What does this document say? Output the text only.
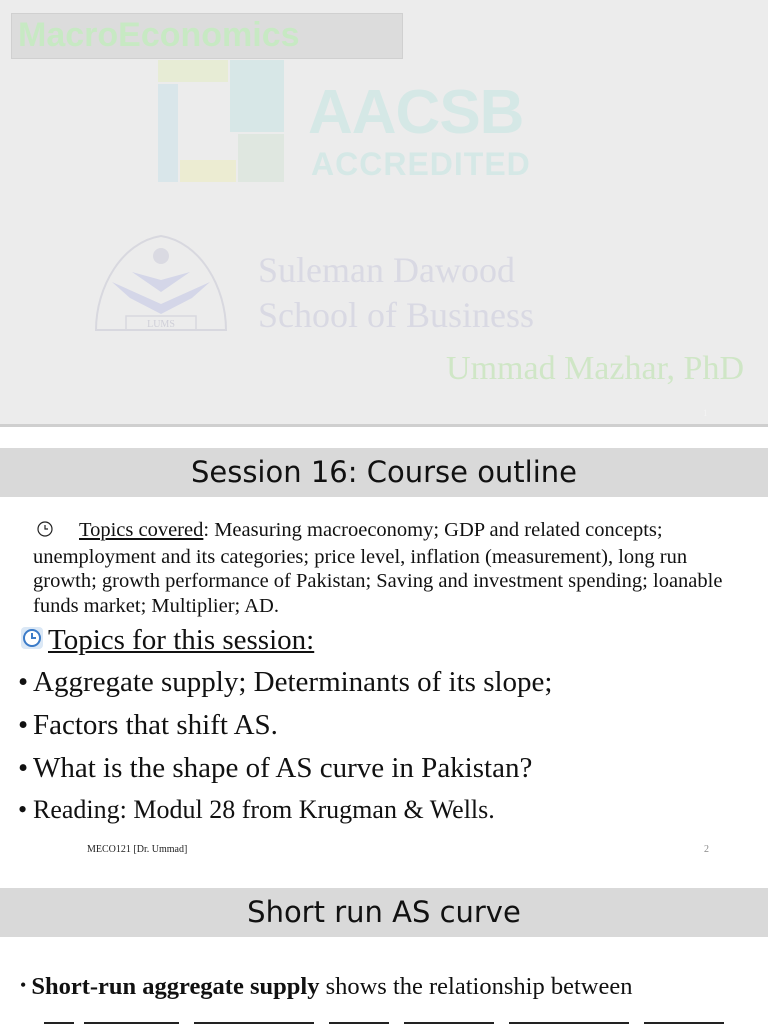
MacroEconomics
AACSB
ACCREDITED
LUMS
Suleman Dawood
School of Business
Ummad Mazhar, PhD
1
Session 16: Course outline
Topics covered: Measuring macroeconomy; GDP and related concepts; unemployment and its categories; price level, inflation (measurement), long run growth; growth performance of Pakistan; Saving and investment spending; loanable funds market; Multiplier; AD.
Topics for this session:
• Aggregate supply; Determinants of its slope;
• Factors that shift AS.
• What is the shape of AS curve in Pakistan?
• Reading: Modul 28 from Krugman & Wells.
MECO121 [Dr. Ummad]	2
Short run AS curve
• Short-run aggregate supply shows the relationship between
